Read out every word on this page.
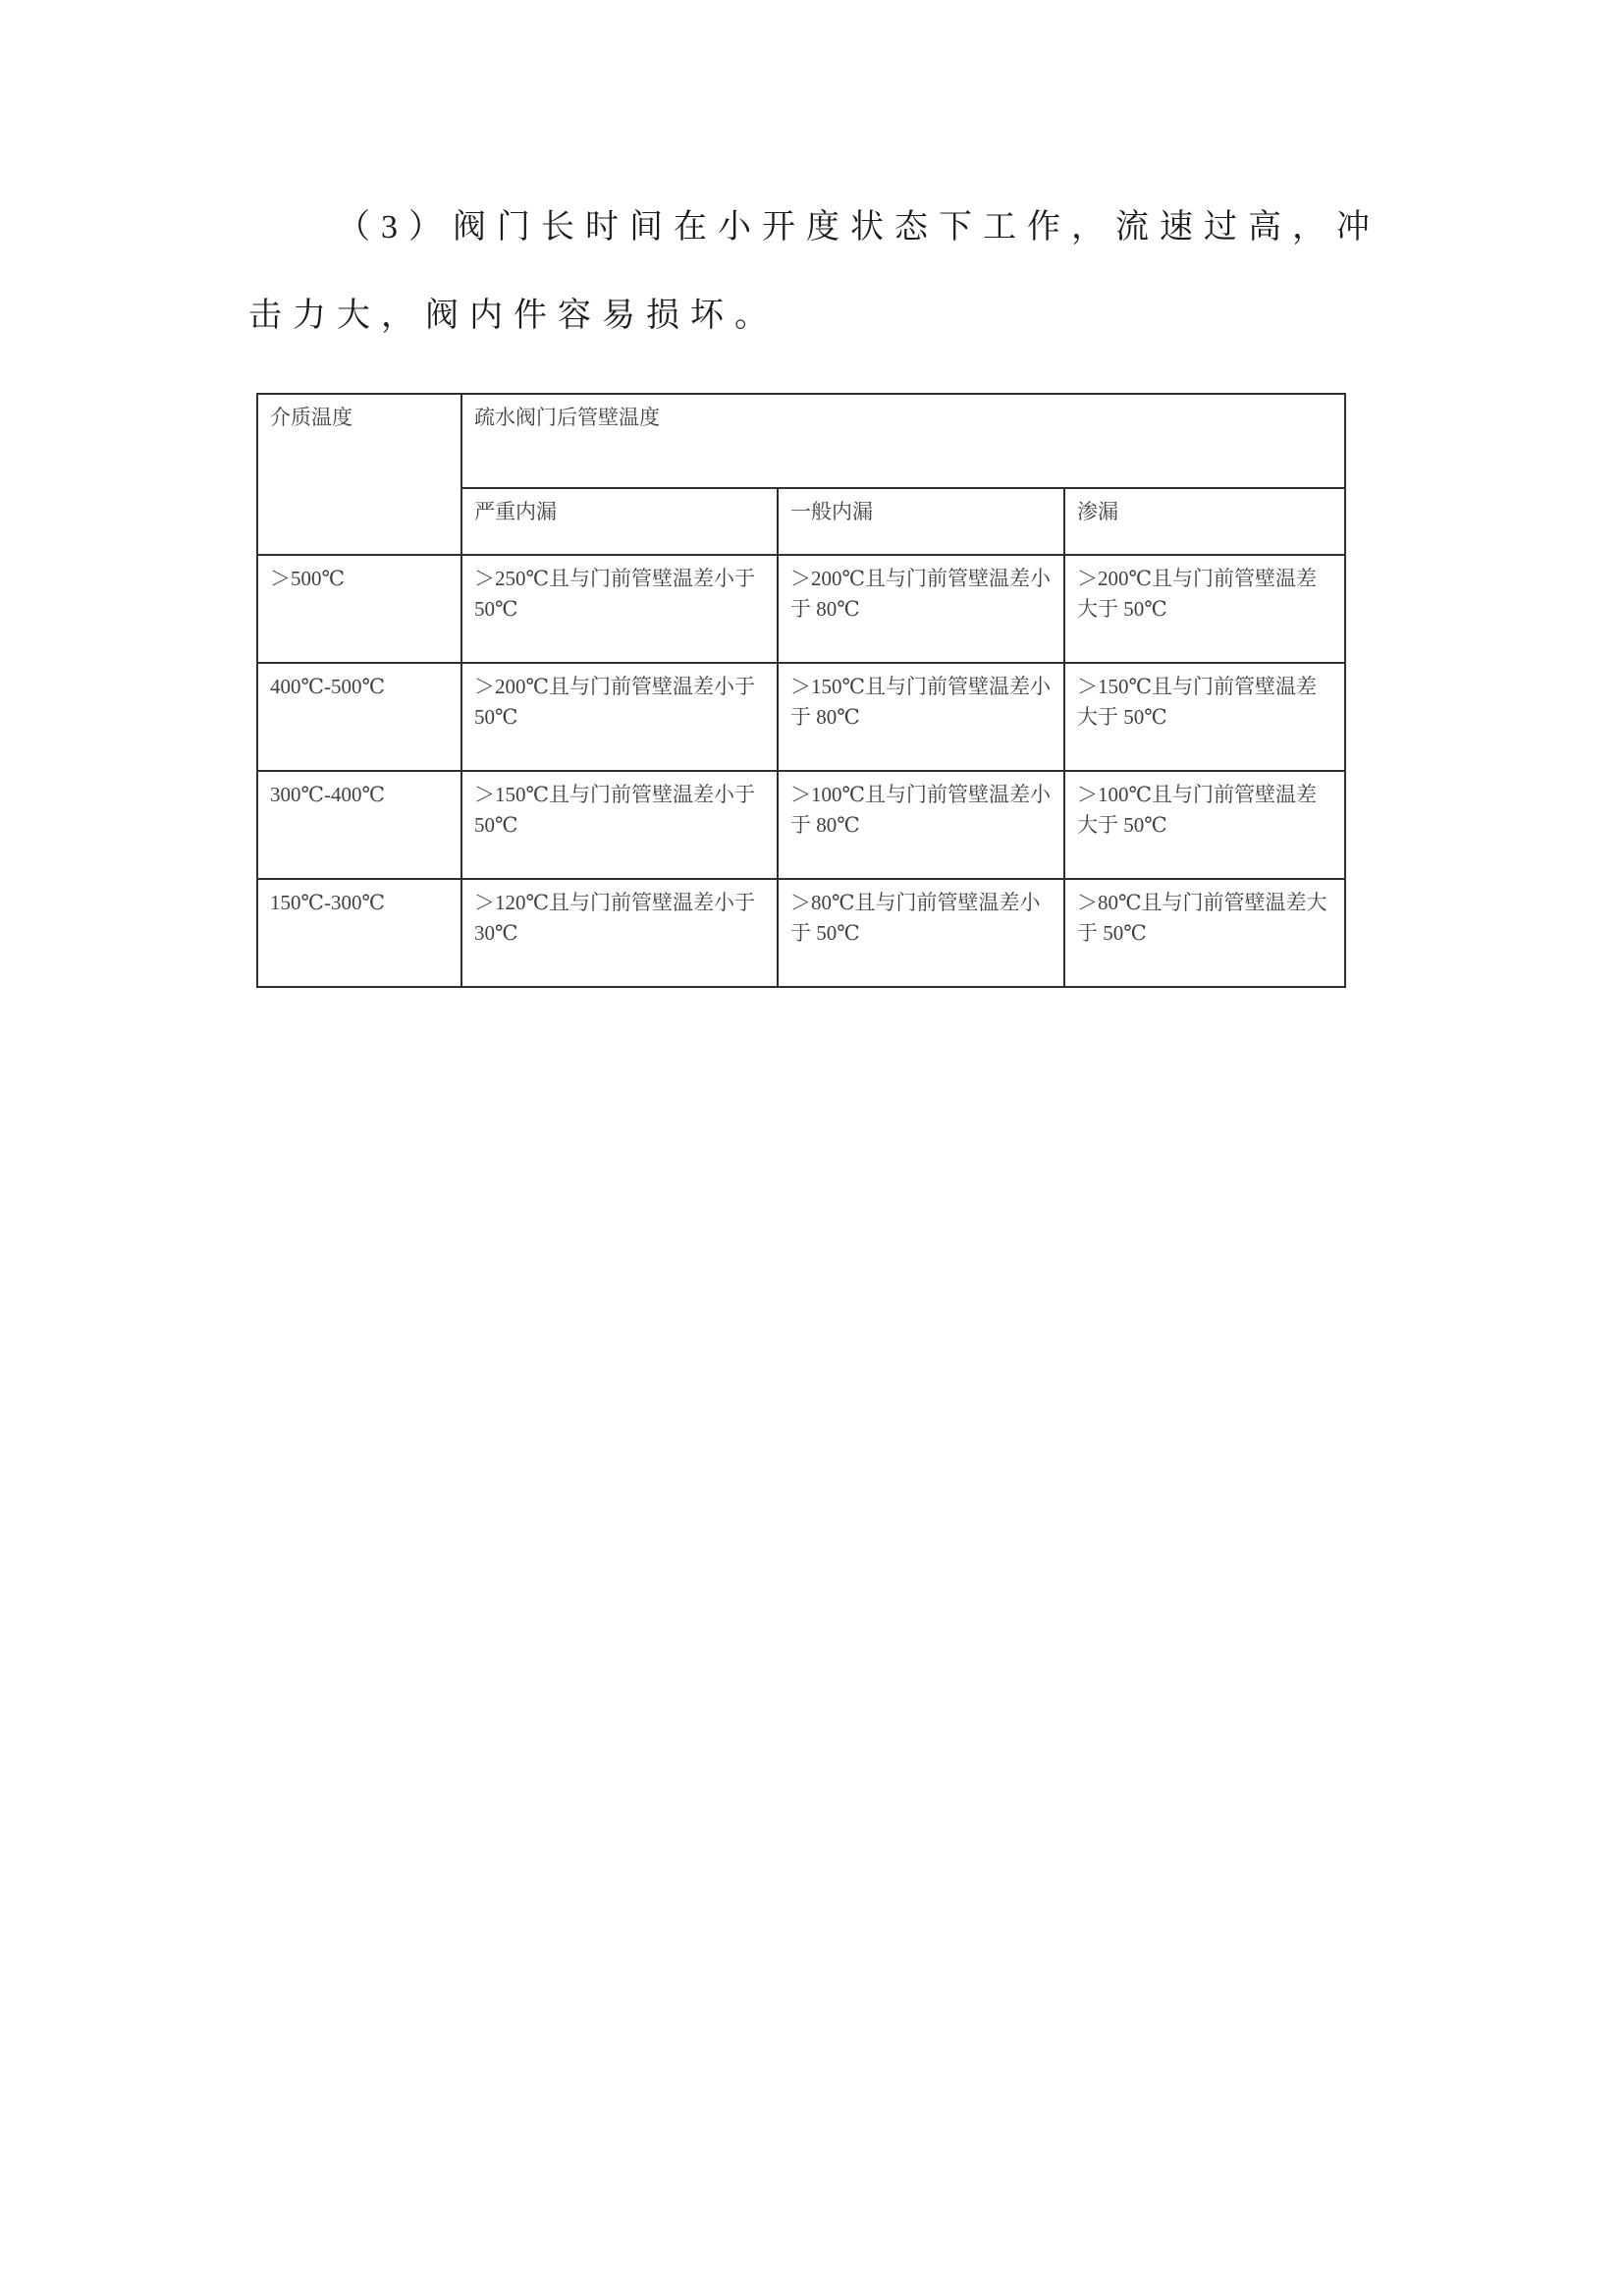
（3）阀门长时间在小开度状态下工作，流速过高，冲
击力大，阀内件容易损坏。
介质温度	疏水阀门后管壁温度		
	严重内漏	一般内漏	渗漏
＞500℃	＞250℃且与门前管壁温差小于 50℃	＞200℃且与门前管壁温差小于 80℃	＞200℃且与门前管壁温差大于 50℃
400℃-500℃	＞200℃且与门前管壁温差小于 50℃	＞150℃且与门前管壁温差小于 80℃	＞150℃且与门前管壁温差大于 50℃
300℃-400℃	＞150℃且与门前管壁温差小于 50℃	＞100℃且与门前管壁温差小于 80℃	＞100℃且与门前管壁温差大于 50℃
150℃-300℃	＞120℃且与门前管壁温差小于 30℃	＞80℃且与门前管壁温差小于 50℃	＞80℃且与门前管壁温差大于 50℃
